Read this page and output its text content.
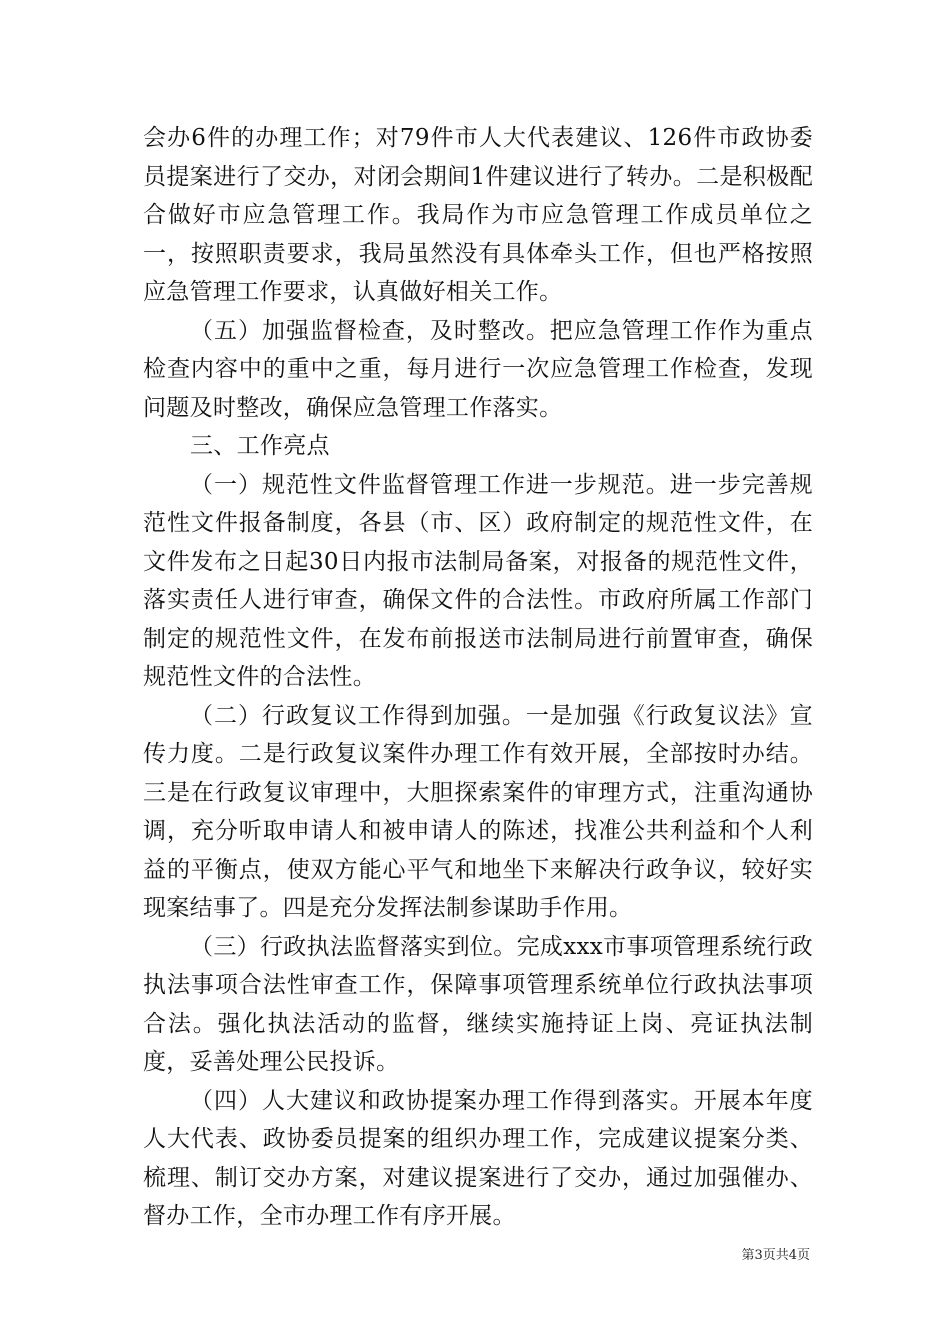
会办6件的办理工作；对79件市人大代表建议、126件市政协委员提案进行了交办，对闭会期间1件建议进行了转办。二是积极配合做好市应急管理工作。我局作为市应急管理工作成员单位之一，按照职责要求，我局虽然没有具体牵头工作，但也严格按照应急管理工作要求，认真做好相关工作。

（五）加强监督检查，及时整改。把应急管理工作作为重点检查内容中的重中之重，每月进行一次应急管理工作检查，发现问题及时整改，确保应急管理工作落实。

三、工作亮点

（一）规范性文件监督管理工作进一步规范。进一步完善规范性文件报备制度，各县（市、区）政府制定的规范性文件，在文件发布之日起30日内报市法制局备案，对报备的规范性文件，落实责任人进行审查，确保文件的合法性。市政府所属工作部门制定的规范性文件，在发布前报送市法制局进行前置审查，确保规范性文件的合法性。

（二）行政复议工作得到加强。一是加强《行政复议法》宣传力度。二是行政复议案件办理工作有效开展，全部按时办结。三是在行政复议审理中，大胆探索案件的审理方式，注重沟通协调，充分听取申请人和被申请人的陈述，找准公共利益和个人利益的平衡点，使双方能心平气和地坐下来解决行政争议，较好实现案结事了。四是充分发挥法制参谋助手作用。

（三）行政执法监督落实到位。完成xxx市事项管理系统行政执法事项合法性审查工作，保障事项管理系统单位行政执法事项合法。强化执法活动的监督，继续实施持证上岗、亮证执法制度，妥善处理公民投诉。

（四）人大建议和政协提案办理工作得到落实。开展本年度人大代表、政协委员提案的组织办理工作，完成建议提案分类、梳理、制订交办方案，对建议提案进行了交办，通过加强催办、督办工作，全市办理工作有序开展。

第3页共4页
